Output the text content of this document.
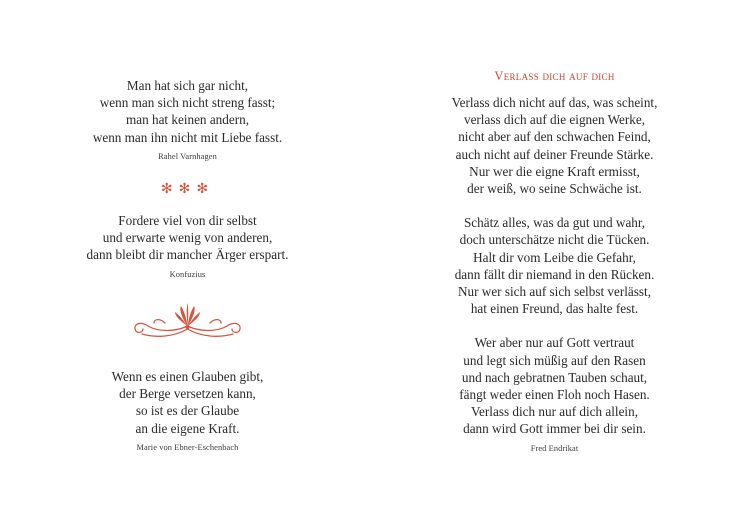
Man hat sich gar nicht,
wenn man sich nicht streng fasst;
man hat keinen andern,
wenn man ihn nicht mit Liebe fasst.
Rahel Varnhagen
✻✻✻
Fordere viel von dir selbst
und erwarte wenig von anderen,
dann bleibt dir mancher Ärger erspart.
Konfuzius
Wenn es einen Glauben gibt,
der Berge versetzen kann,
so ist es der Glaube
an die eigene Kraft.
Marie von Ebner-Eschenbach
Verlass dich auf dich
Verlass dich nicht auf das, was scheint,
verlass dich auf die eignen Werke,
nicht aber auf den schwachen Feind,
auch nicht auf deiner Freunde Stärke.
Nur wer die eigne Kraft ermisst,
der weiß, wo seine Schwäche ist.
Schätz alles, was da gut und wahr,
doch unterschätze nicht die Tücken.
Halt dir vom Leibe die Gefahr,
dann fällt dir niemand in den Rücken.
Nur wer sich auf sich selbst verlässt,
hat einen Freund, das halte fest.
Wer aber nur auf Gott vertraut
und legt sich müßig auf den Rasen
und nach gebratnen Tauben schaut,
fängt weder einen Floh noch Hasen.
Verlass dich nur auf dich allein,
dann wird Gott immer bei dir sein.
Fred Endrikat
